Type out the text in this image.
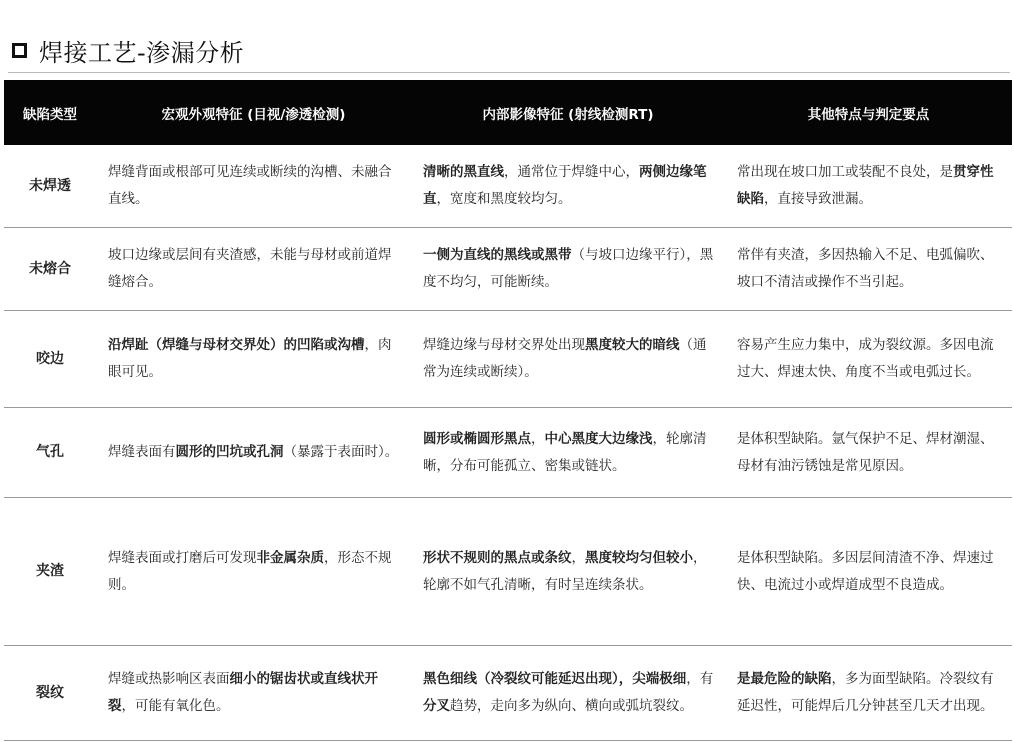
焊接工艺-渗漏分析
缺陷类型	宏观外观特征 (目视/渗透检测)	内部影像特征 (射线检测RT)	其他特点与判定要点
未焊透	焊缝背面或根部可见连续或断续的沟槽、未融合直线。	清晰的黑直线，通常位于焊缝中心，两侧边缘笔直，宽度和黑度较均匀。	常出现在坡口加工或装配不良处，是贯穿性缺陷，直接导致泄漏。
未熔合	坡口边缘或层间有夹渣感，未能与母材或前道焊缝熔合。	一侧为直线的黑线或黑带（与坡口边缘平行），黑度不均匀，可能断续。	常伴有夹渣，多因热输入不足、电弧偏吹、坡口不清洁或操作不当引起。
咬边	沿焊趾（焊缝与母材交界处）的凹陷或沟槽，肉眼可见。	焊缝边缘与母材交界处出现黑度较大的暗线（通常为连续或断续）。	容易产生应力集中，成为裂纹源。多因电流过大、焊速太快、角度不当或电弧过长。
气孔	焊缝表面有圆形的凹坑或孔洞（暴露于表面时）。	圆形或椭圆形黑点，中心黑度大边缘浅，轮廓清晰，分布可能孤立、密集或链状。	是体积型缺陷。氩气保护不足、焊材潮湿、母材有油污锈蚀是常见原因。
夹渣	焊缝表面或打磨后可发现非金属杂质，形态不规则。	形状不规则的黑点或条纹，黑度较均匀但较小，轮廓不如气孔清晰，有时呈连续条状。	是体积型缺陷。多因层间清渣不净、焊速过快、电流过小或焊道成型不良造成。
裂纹	焊缝或热影响区表面细小的锯齿状或直线状开裂，可能有氧化色。	黑色细线（冷裂纹可能延迟出现），尖端极细，有分叉趋势，走向多为纵向、横向或弧坑裂纹。	是最危险的缺陷，多为面型缺陷。冷裂纹有延迟性，可能焊后几分钟甚至几天才出现。
